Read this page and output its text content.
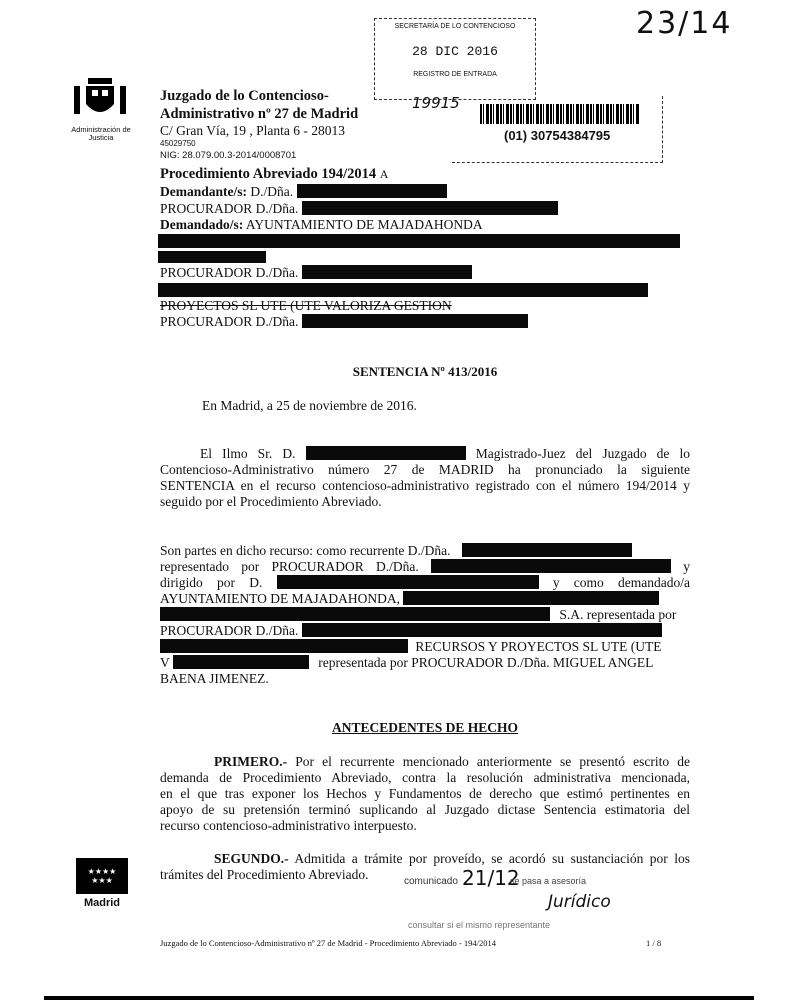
23/14
SECRETARÍA DE LO CONTENCIOSO
28 DIC 2016
REGISTRO DE ENTRADA
(01) 30754384795
19915
Administración de Justicia
Juzgado de lo Contencioso-
Administrativo nº 27 de Madrid
C/ Gran Vía, 19 , Planta 6 - 28013
45029750
NIG: 28.079.00.3-2014/0008701
Procedimiento Abreviado 194/2014 A
Demandante/s: D./Dña.
PROCURADOR D./Dña.
Demandado/s: AYUNTAMIENTO DE MAJADAHONDA
PROCURADOR D./Dña.
PROYECTOS SL UTE (UTE VALORIZA GESTION
PROCURADOR D./Dña.
SENTENCIA Nº 413/2016
En Madrid, a 25 de noviembre de 2016.
El Ilmo Sr. D.	Magistrado-Juez del Juzgado de lo
Contencioso-Administrativo número 27 de MADRID ha pronunciado la siguiente
SENTENCIA en el recurso contencioso-administrativo registrado con el número 194/2014 y
seguido por el Procedimiento Abreviado.
Son partes en dicho recurso: como recurrente D./Dña.
representado por PROCURADOR D./Dña.	y
dirigido por D.	y como demandado/a
AYUNTAMIENTO DE MAJADAHONDA,
S.A. representada por
PROCURADOR D./Dña.
RECURSOS Y PROYECTOS SL UTE (UTE
V	representada por PROCURADOR D./Dña. MIGUEL ANGEL
BAENA JIMENEZ.
ANTECEDENTES DE HECHO
PRIMERO.- Por el recurrente mencionado anteriormente se presentó escrito de
demanda de Procedimiento Abreviado, contra la resolución administrativa mencionada,
en el que tras exponer los Hechos y Fundamentos de derecho que estimó pertinentes en
apoyo de su pretensión terminó suplicando al Juzgado dictase Sentencia estimatoria del
recurso contencioso-administrativo interpuesto.
SEGUNDO.- Admitida a trámite por proveído, se acordó su sustanciación por los
trámites del Procedimiento Abreviado.	comunicado 21/12
se pasa a asesoría
Jurídico
consultar si el mismo representante
★★★★ ★★★
Madrid
Juzgado de lo Contencioso-Administrativo nº 27 de Madrid - Procedimiento Abreviado - 194/2014	1 / 8
